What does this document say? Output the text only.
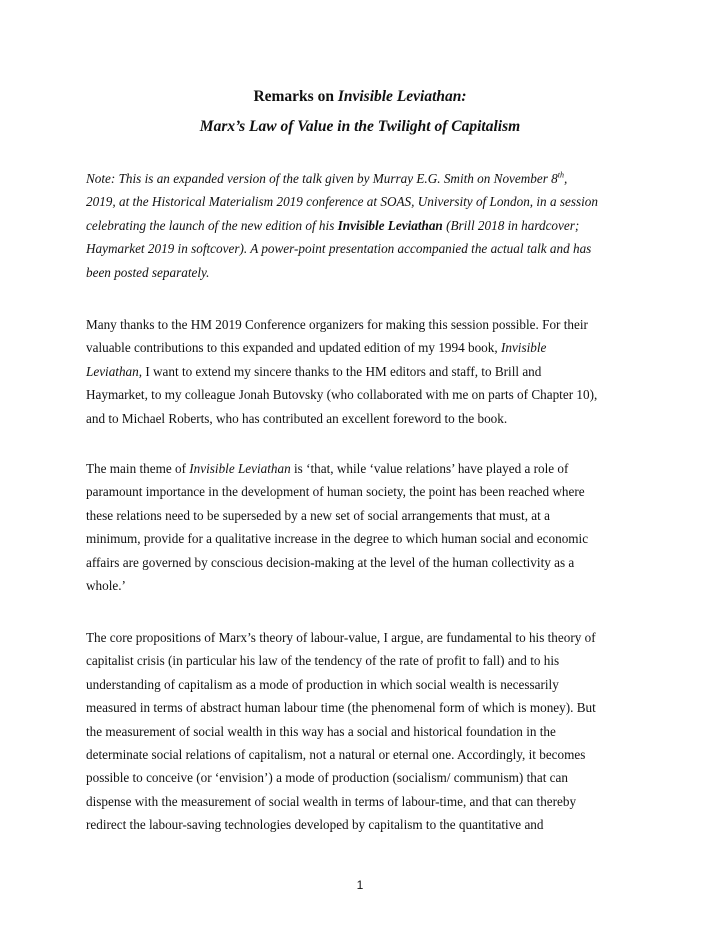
Remarks on Invisible Leviathan:
Marx’s Law of Value in the Twilight of Capitalism
Note: This is an expanded version of the talk given by Murray E.G. Smith on November 8th,
2019, at the Historical Materialism 2019 conference at SOAS, University of London, in a session
celebrating the launch of the new edition of his Invisible Leviathan (Brill 2018 in hardcover;
Haymarket 2019 in softcover). A power-point presentation accompanied the actual talk and has
been posted separately.
Many thanks to the HM 2019 Conference organizers for making this session possible. For their
valuable contributions to this expanded and updated edition of my 1994 book, Invisible
Leviathan, I want to extend my sincere thanks to the HM editors and staff, to Brill and
Haymarket, to my colleague Jonah Butovsky (who collaborated with me on parts of Chapter 10),
and to Michael Roberts, who has contributed an excellent foreword to the book.
The main theme of Invisible Leviathan is ‘that, while ‘value relations’ have played a role of
paramount importance in the development of human society, the point has been reached where
these relations need to be superseded by a new set of social arrangements that must, at a
minimum, provide for a qualitative increase in the degree to which human social and economic
affairs are governed by conscious decision-making at the level of the human collectivity as a
whole.’
The core propositions of Marx’s theory of labour-value, I argue, are fundamental to his theory of
capitalist crisis (in particular his law of the tendency of the rate of profit to fall) and to his
understanding of capitalism as a mode of production in which social wealth is necessarily
measured in terms of abstract human labour time (the phenomenal form of which is money). But
the measurement of social wealth in this way has a social and historical foundation in the
determinate social relations of capitalism, not a natural or eternal one. Accordingly, it becomes
possible to conceive (or ‘envision’) a mode of production (socialism/ communism) that can
dispense with the measurement of social wealth in terms of labour-time, and that can thereby
redirect the labour-saving technologies developed by capitalism to the quantitative and
1
